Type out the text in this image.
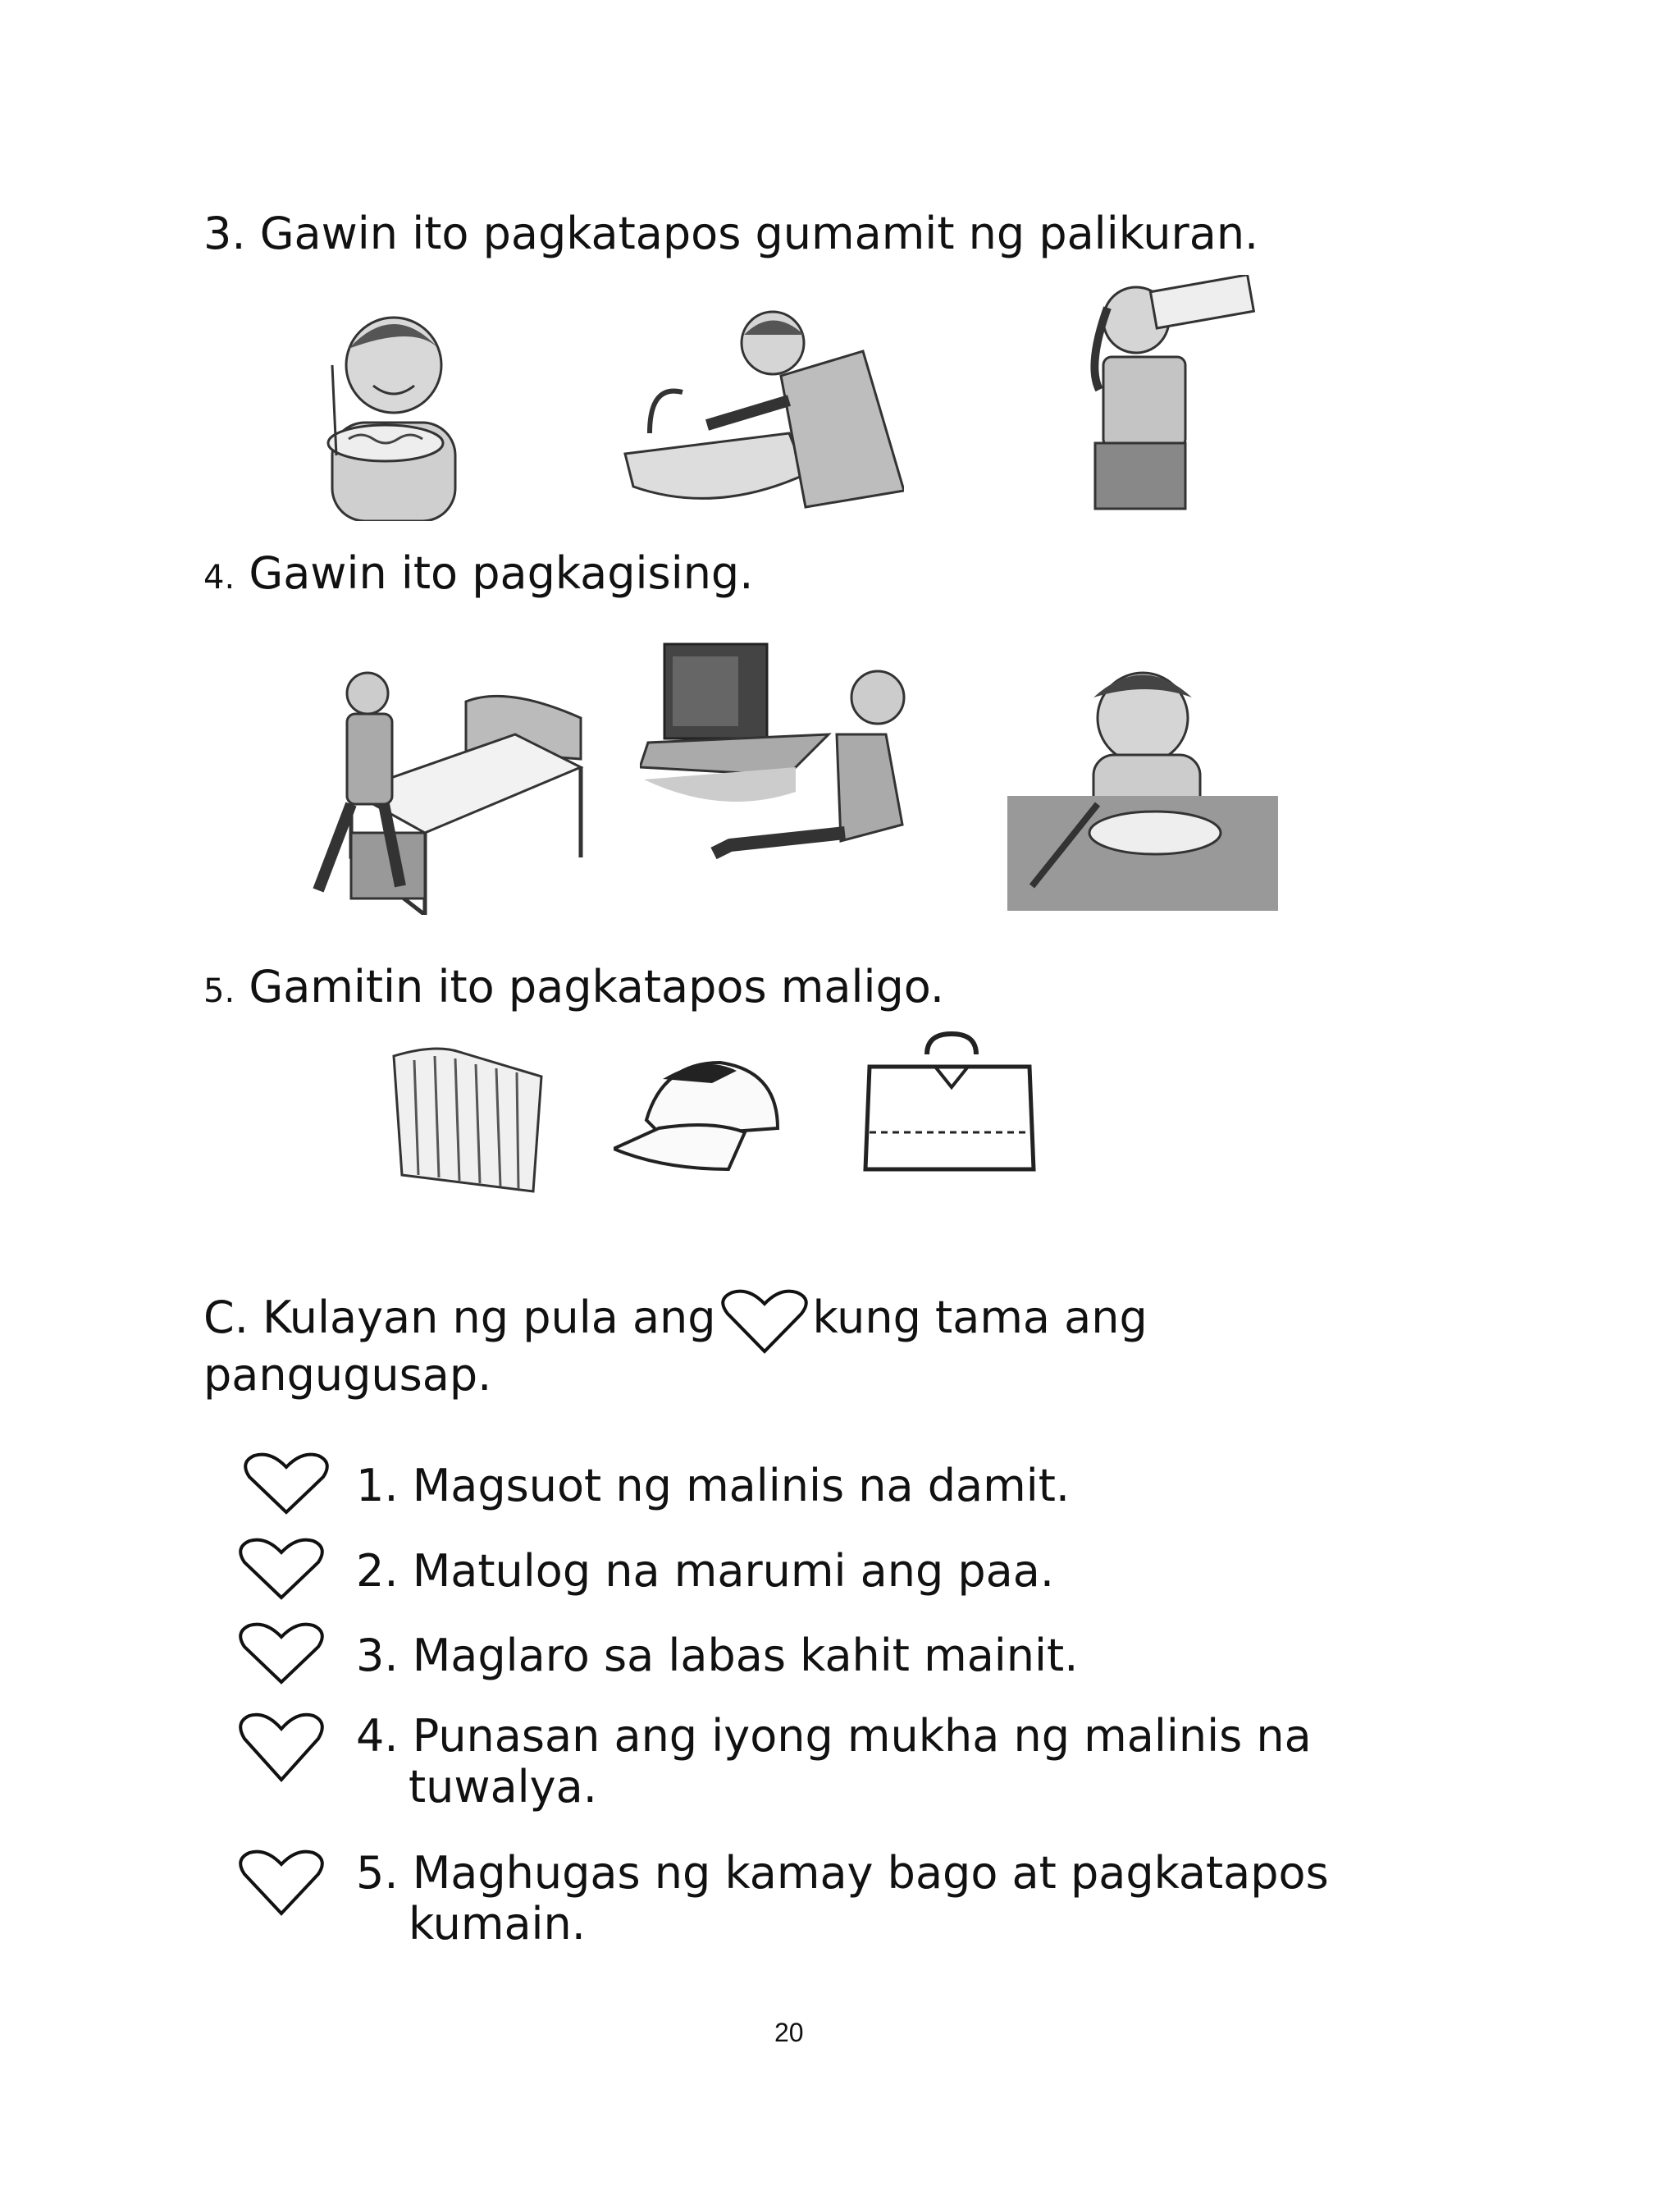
3. Gawin ito pagkatapos gumamit ng palikuran.
4. Gawin ito pagkagising.
5. Gamitin ito pagkatapos maligo.
C. Kulayan ng pula ang kung tama ang
pangugusap.
1. Magsuot ng malinis na damit.
2. Matulog na marumi ang paa.
3. Maglaro sa labas kahit mainit.
4. Punasan ang iyong mukha ng malinis na
tuwalya.
5. Maghugas ng kamay bago at pagkatapos
kumain.
20
